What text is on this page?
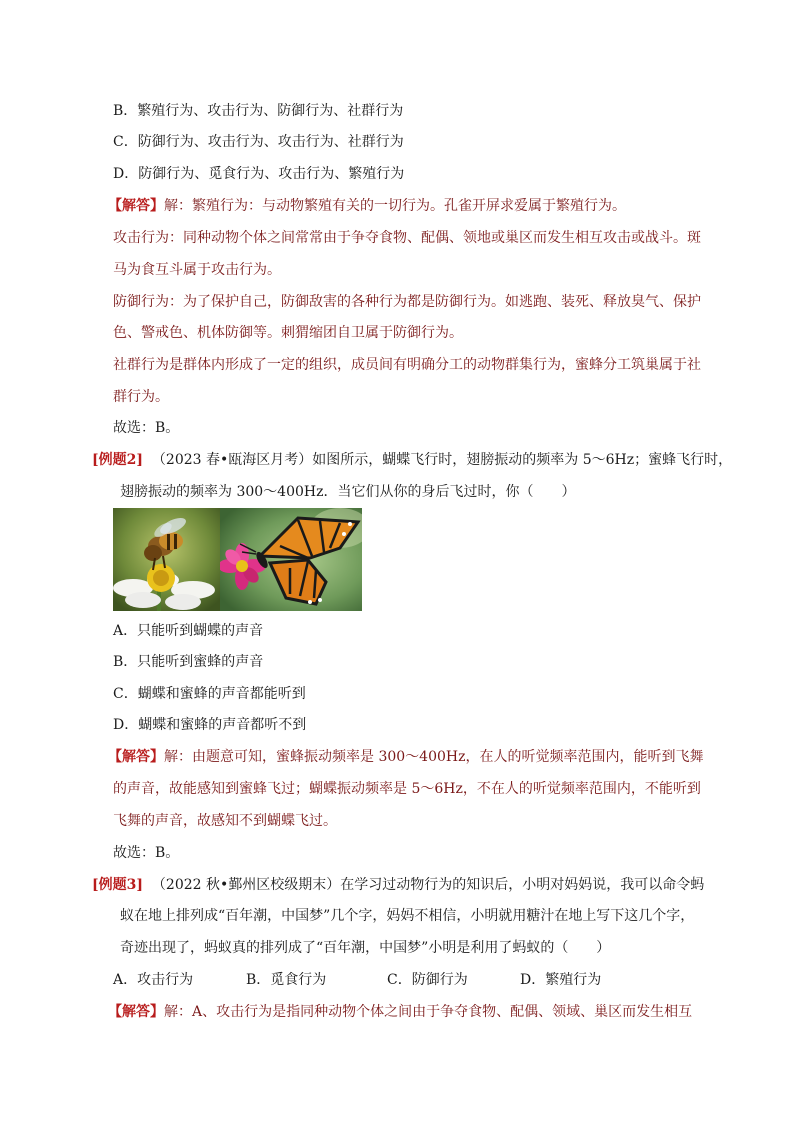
B．繁殖行为、攻击行为、防御行为、社群行为
C．防御行为、攻击行为、攻击行为、社群行为
D．防御行为、觅食行为、攻击行为、繁殖行为
【解答】解：繁殖行为：与动物繁殖有关的一切行为。孔雀开屏求爱属于繁殖行为。
攻击行为：同种动物个体之间常常由于争夺食物、配偶、领地或巢区而发生相互攻击或战斗。斑
马为食互斗属于攻击行为。
防御行为：为了保护自己，防御敌害的各种行为都是防御行为。如逃跑、装死、释放臭气、保护
色、警戒色、机体防御等。刺猬缩团自卫属于防御行为。
社群行为是群体内形成了一定的组织，成员间有明确分工的动物群集行为，蜜蜂分工筑巢属于社
群行为。
故选：B。
[例题2] （2023 春•瓯海区月考）如图所示，蝴蝶飞行时，翅膀振动的频率为 5～6Hz；蜜蜂飞行时，
翅膀振动的频率为 300～400Hz．当它们从你的身后飞过时，你（　　）
A．只能听到蝴蝶的声音
B．只能听到蜜蜂的声音
C．蝴蝶和蜜蜂的声音都能听到
D．蝴蝶和蜜蜂的声音都听不到
【解答】解：由题意可知，蜜蜂振动频率是 300～400Hz，在人的听觉频率范围内，能听到飞舞
的声音，故能感知到蜜蜂飞过；蝴蝶振动频率是 5～6Hz，不在人的听觉频率范围内，不能听到
飞舞的声音，故感知不到蝴蝶飞过。
故选：B。
[例题3] （2022 秋•鄞州区校级期末）在学习过动物行为的知识后，小明对妈妈说，我可以命令蚂
蚁在地上排列成“百年潮，中国梦”几个字，妈妈不相信，小明就用糖汁在地上写下这几个字，
奇迹出现了，蚂蚁真的排列成了“百年潮，中国梦”小明是利用了蚂蚁的（　　）
A．攻击行为	B．觅食行为	C．防御行为	D．繁殖行为
【解答】解：A、攻击行为是指同种动物个体之间由于争夺食物、配偶、领域、巢区而发生相互
